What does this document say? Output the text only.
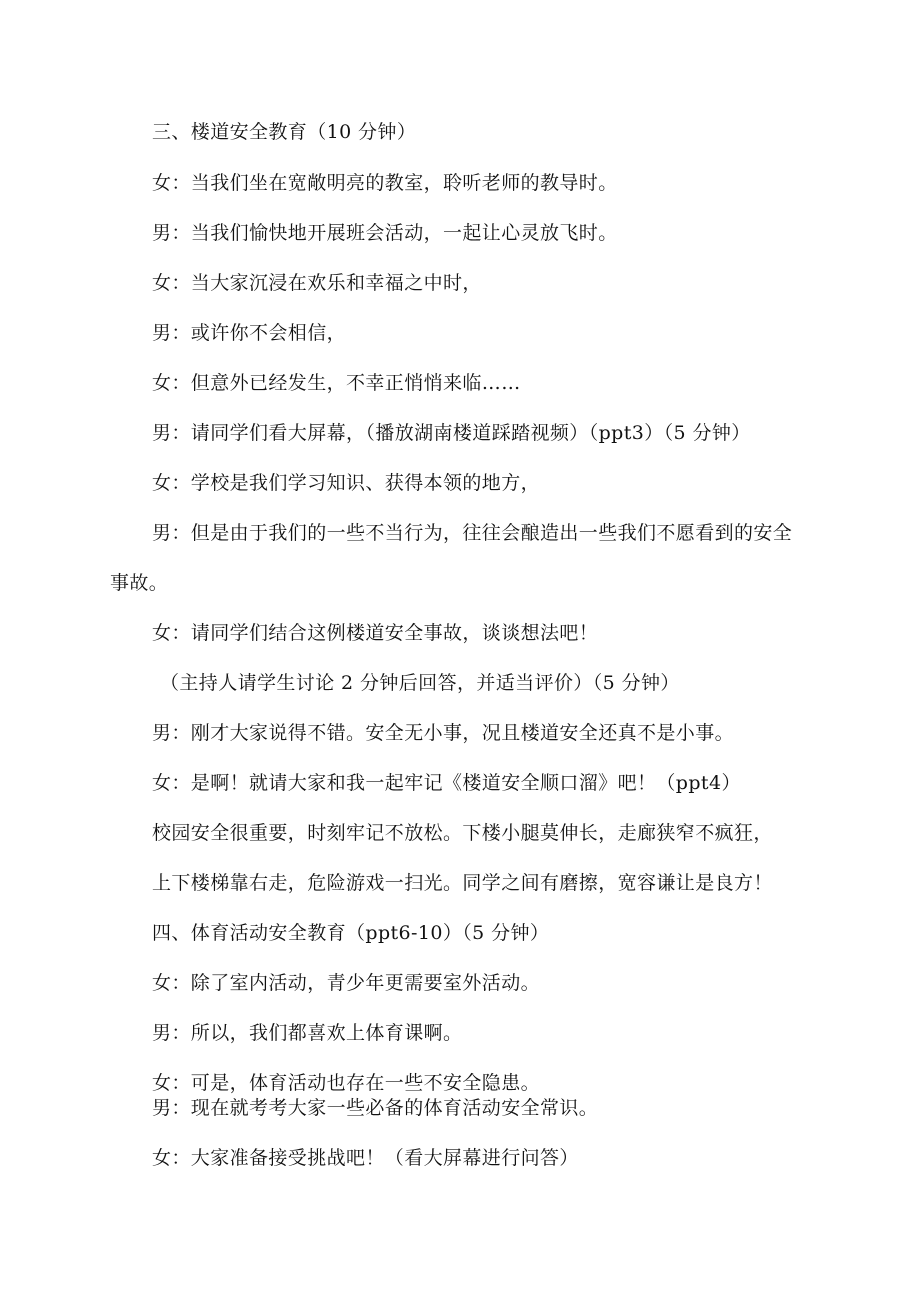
三、楼道安全教育（10 分钟）
女：当我们坐在宽敞明亮的教室，聆听老师的教导时。
男：当我们愉快地开展班会活动，一起让心灵放飞时。
女：当大家沉浸在欢乐和幸福之中时，
男：或许你不会相信，
女：但意外已经发生，不幸正悄悄来临……
男：请同学们看大屏幕，（播放湖南楼道踩踏视频）（ppt3）（5 分钟）
女：学校是我们学习知识、获得本领的地方，
男：但是由于我们的一些不当行为，往往会酿造出一些我们不愿看到的安全事故。
女：请同学们结合这例楼道安全事故，谈谈想法吧！
（主持人请学生讨论 2 分钟后回答，并适当评价）（5 分钟）
男：刚才大家说得不错。安全无小事，况且楼道安全还真不是小事。
女：是啊！就请大家和我一起牢记《楼道安全顺口溜》吧！（ppt4）
校园安全很重要，时刻牢记不放松。下楼小腿莫伸长，走廊狭窄不疯狂，
上下楼梯靠右走，危险游戏一扫光。同学之间有磨擦，宽容谦让是良方！
四、体育活动安全教育（ppt6-10）（5 分钟）
女：除了室内活动，青少年更需要室外活动。
男：所以，我们都喜欢上体育课啊。
女：可是，体育活动也存在一些不安全隐患。
男：现在就考考大家一些必备的体育活动安全常识。
女：大家准备接受挑战吧！（看大屏幕进行问答）
